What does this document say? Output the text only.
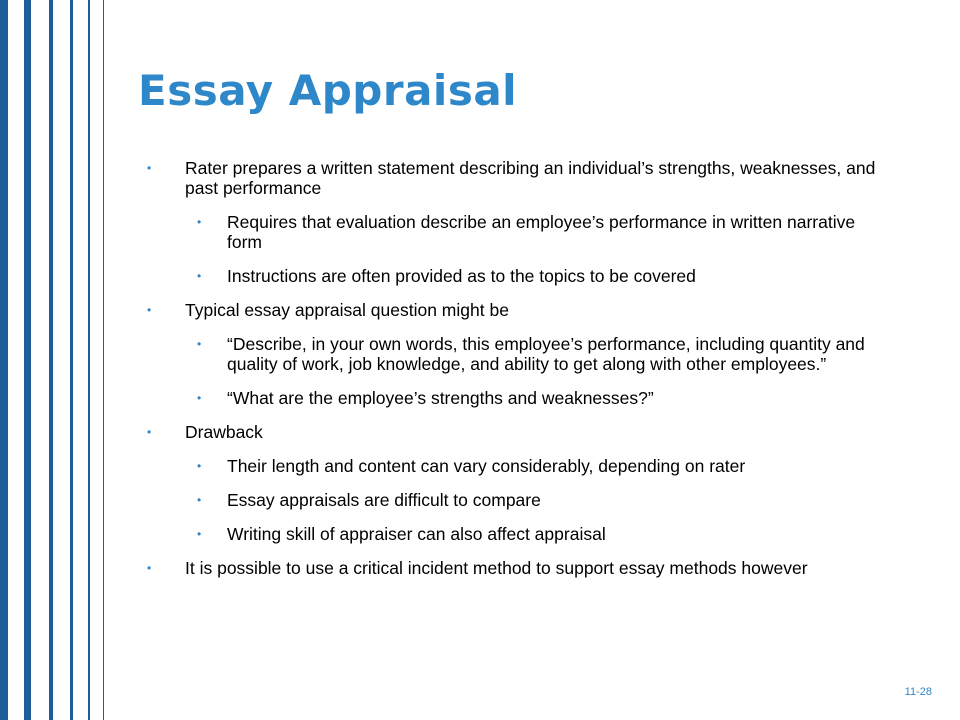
Essay Appraisal
• Rater prepares a written statement describing an individual’s strengths, weaknesses, and past performance
• Requires that evaluation describe an employee’s performance in written narrative form
• Instructions are often provided as to the topics to be covered
• Typical essay appraisal question might be
• “Describe, in your own words, this employee’s performance, including quantity and quality of work, job knowledge, and ability to get along with other employees.”
• “What are the employee’s strengths and weaknesses?”
• Drawback
• Their length and content can vary considerably, depending on rater
• Essay appraisals are difficult to compare
• Writing skill of appraiser can also affect appraisal
• It is possible to use a critical incident method to support essay methods however
11-28
